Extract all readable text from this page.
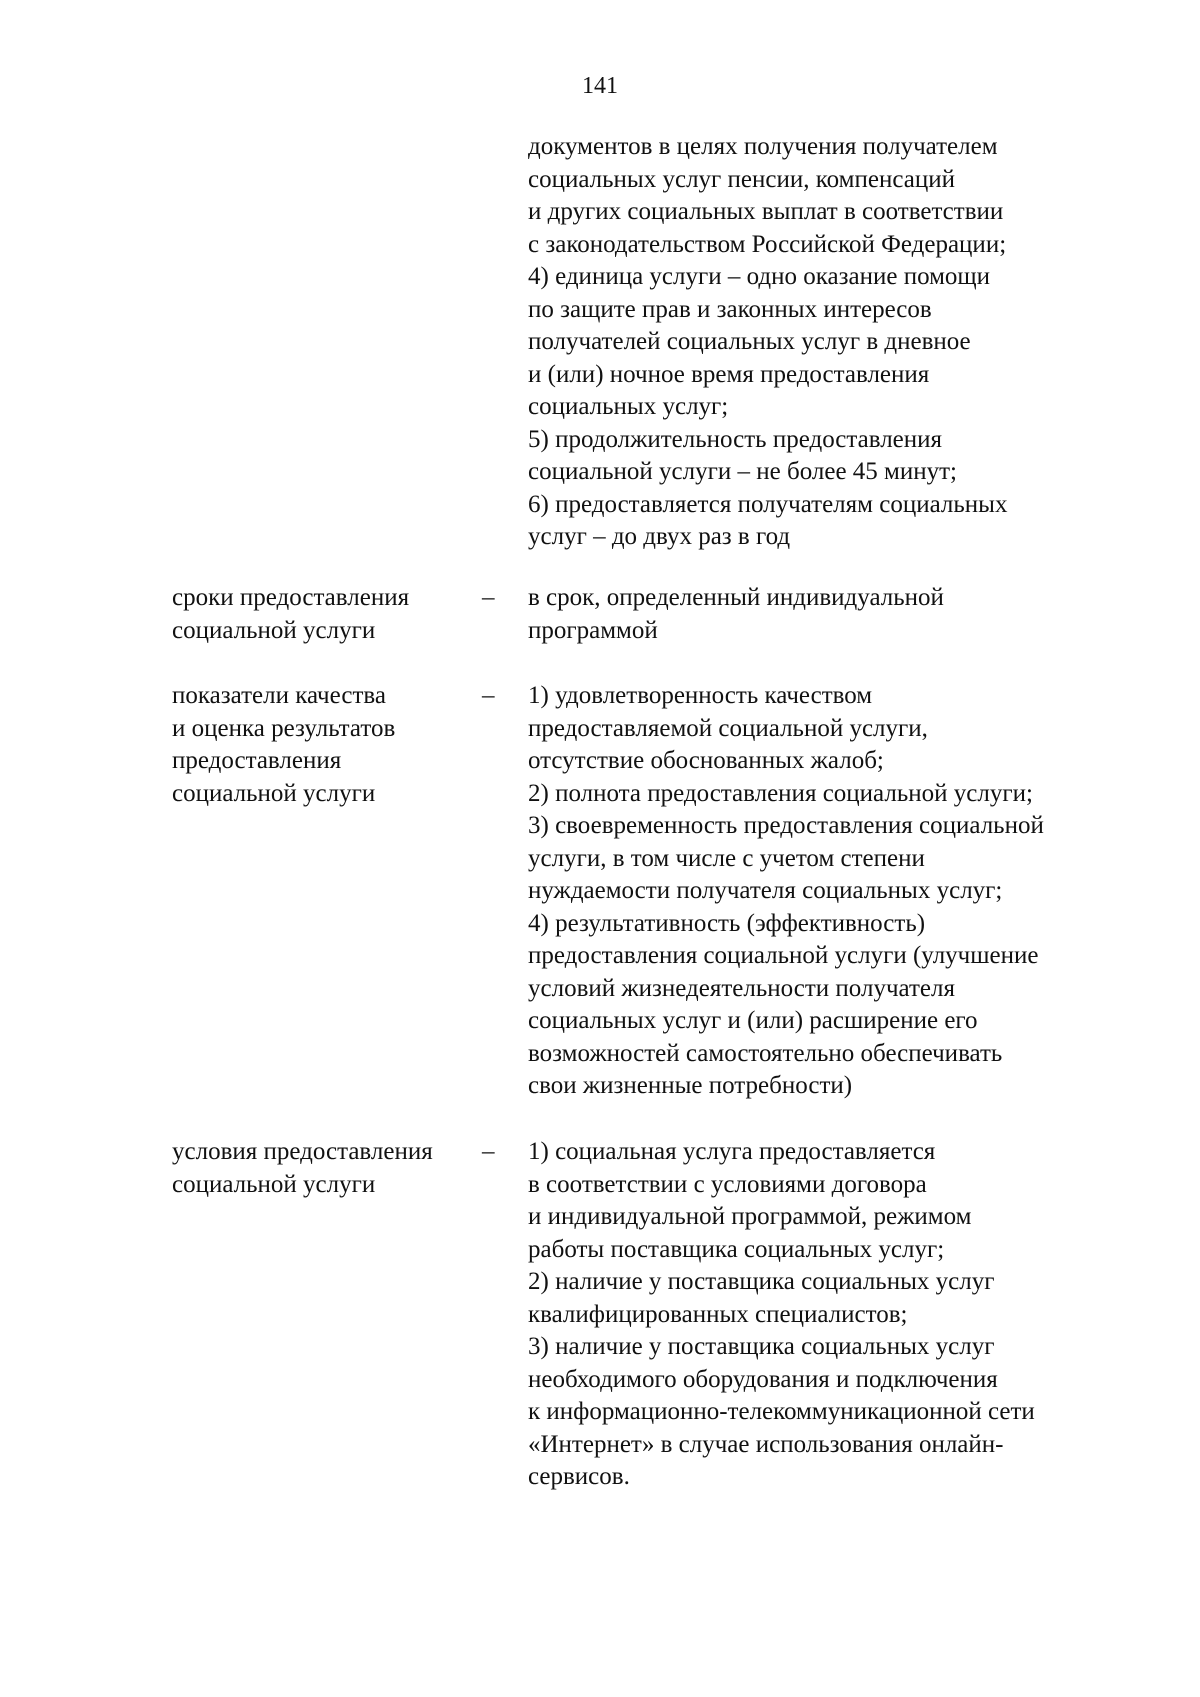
141
документов в целях получения получателем
социальных услуг пенсии, компенсаций
и других социальных выплат в соответствии
с законодательством Российской Федерации;
4) единица услуги – одно оказание помощи
по защите прав и законных интересов
получателей социальных услуг в дневное
и (или) ночное время предоставления
социальных услуг;
5) продолжительность предоставления
социальной услуги – не более 45 минут;
6) предоставляется получателям социальных
услуг – до двух раз в год
сроки предоставления
социальной услуги
– в срок, определенный индивидуальной
программой
показатели качества
и оценка результатов
предоставления
социальной услуги
– 1) удовлетворенность качеством
предоставляемой социальной услуги,
отсутствие обоснованных жалоб;
2) полнота предоставления социальной услуги;
3) своевременность предоставления социальной
услуги, в том числе с учетом степени
нуждаемости получателя социальных услуг;
4) результативность (эффективность)
предоставления социальной услуги (улучшение
условий жизнедеятельности получателя
социальных услуг и (или) расширение его
возможностей самостоятельно обеспечивать
свои жизненные потребности)
условия предоставления
социальной услуги
– 1) социальная услуга предоставляется
в соответствии с условиями договора
и индивидуальной программой, режимом
работы поставщика социальных услуг;
2) наличие у поставщика социальных услуг
квалифицированных специалистов;
3) наличие у поставщика социальных услуг
необходимого оборудования и подключения
к информационно-телекоммуникационной сети
«Интернет» в случае использования онлайн-
сервисов.
